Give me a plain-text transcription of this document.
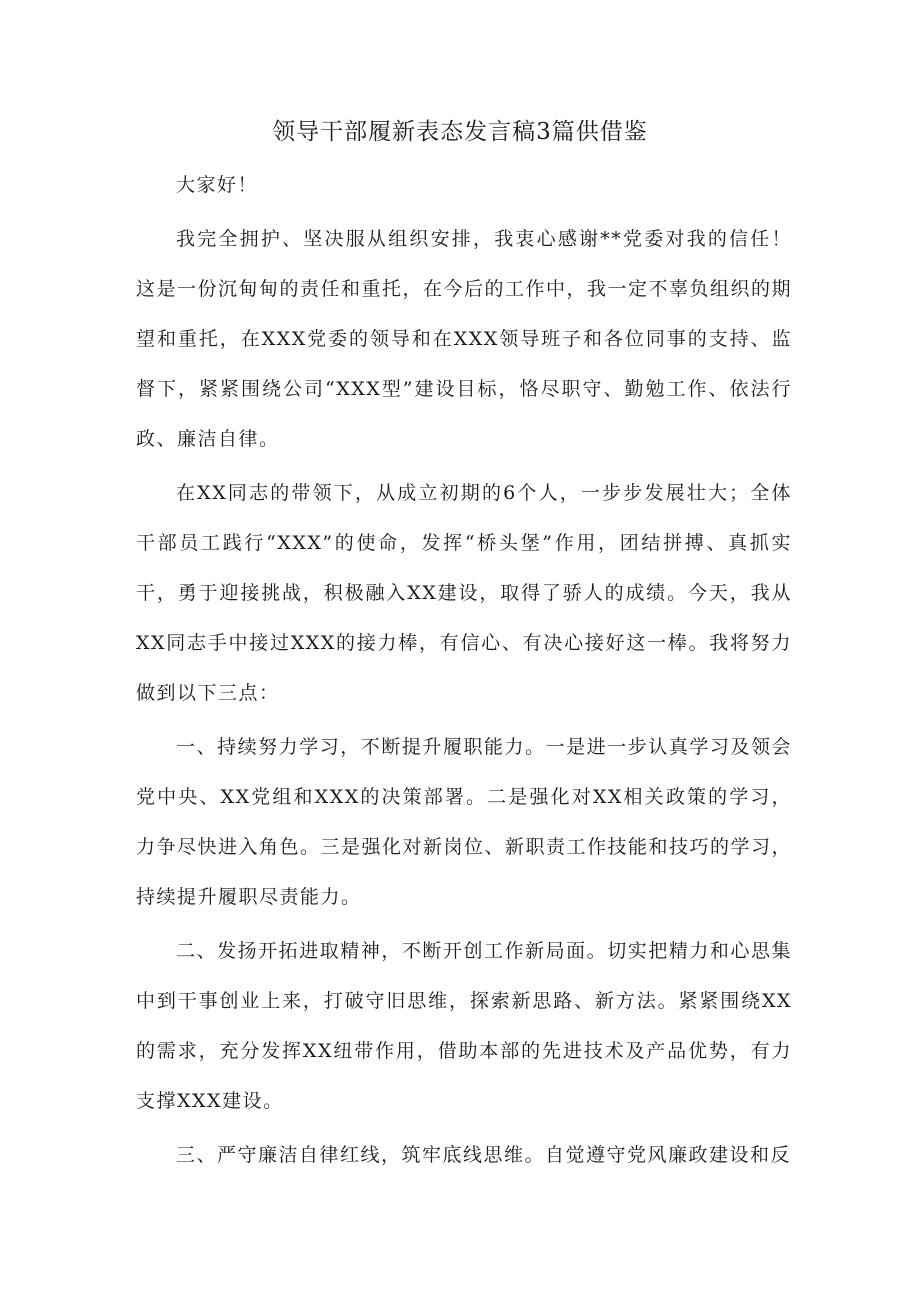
领导干部履新表态发言稿3篇供借鉴

大家好！

我完全拥护、坚决服从组织安排，我衷心感谢**党委对我的信任！这是一份沉甸甸的责任和重托，在今后的工作中，我一定不辜负组织的期望和重托，在XXX党委的领导和在XXX领导班子和各位同事的支持、监督下，紧紧围绕公司“XXX型”建设目标，恪尽职守、勤勉工作、依法行政、廉洁自律。

在XX同志的带领下，从成立初期的6个人，一步步发展壮大；全体干部员工践行“XXX”的使命，发挥“桥头堡”作用，团结拼搏、真抓实干，勇于迎接挑战，积极融入XX建设，取得了骄人的成绩。今天，我从XX同志手中接过XXX的接力棒，有信心、有决心接好这一棒。我将努力做到以下三点：

一、持续努力学习，不断提升履职能力。一是进一步认真学习及领会党中央、XX党组和XXX的决策部署。二是强化对XX相关政策的学习，力争尽快进入角色。三是强化对新岗位、新职责工作技能和技巧的学习，持续提升履职尽责能力。

二、发扬开拓进取精神，不断开创工作新局面。切实把精力和心思集中到干事创业上来，打破守旧思维，探索新思路、新方法。紧紧围绕XX的需求，充分发挥XX纽带作用，借助本部的先进技术及产品优势，有力支撑XXX建设。

三、严守廉洁自律红线，筑牢底线思维。自觉遵守党风廉政建设和反
